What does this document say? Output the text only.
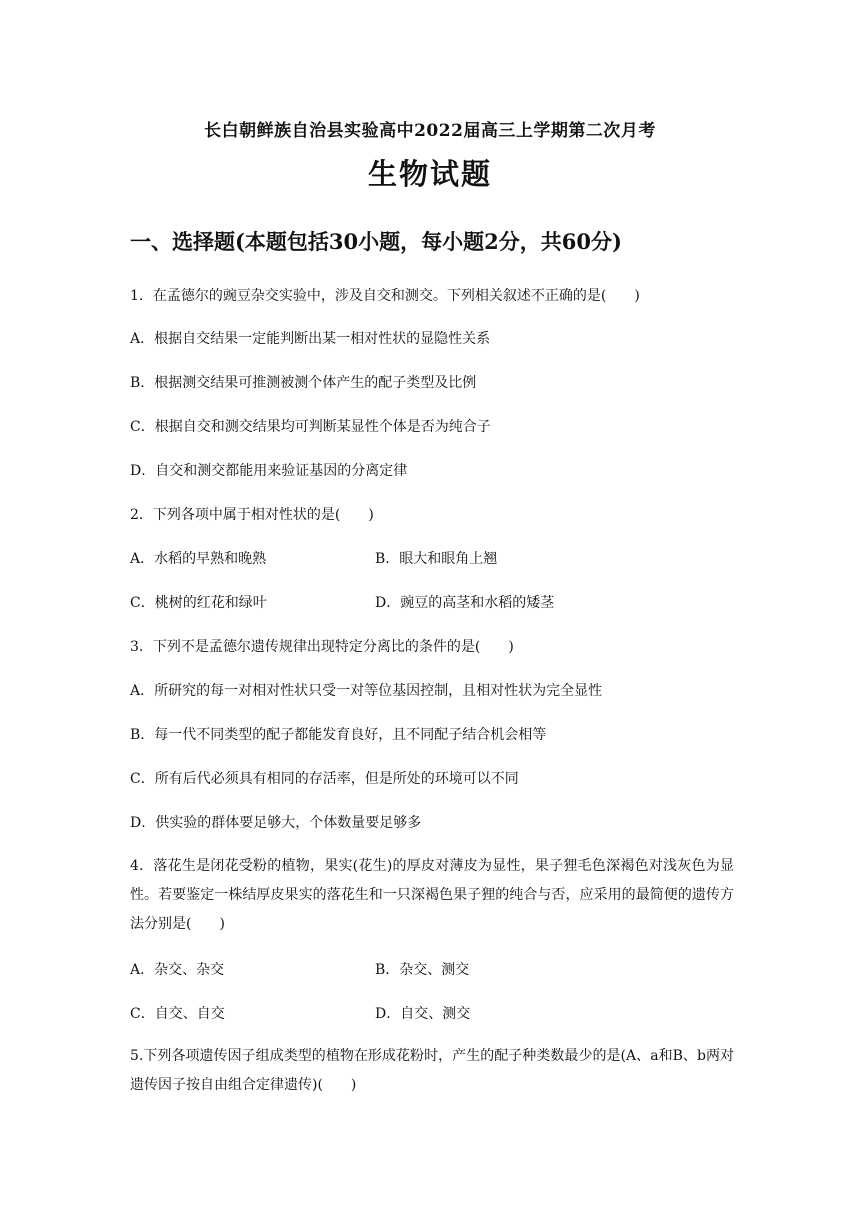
长白朝鲜族自治县实验高中2022届高三上学期第二次月考
生物试题
一、选择题(本题包括30小题，每小题2分，共60分)
1．在孟德尔的豌豆杂交实验中，涉及自交和测交。下列相关叙述不正确的是(　　)
A．根据自交结果一定能判断出某一相对性状的显隐性关系
B．根据测交结果可推测被测个体产生的配子类型及比例
C．根据自交和测交结果均可判断某显性个体是否为纯合子
D．自交和测交都能用来验证基因的分离定律
2．下列各项中属于相对性状的是(　　)
A．水稻的早熟和晚熟	B．眼大和眼角上翘
C．桃树的红花和绿叶	D．豌豆的高茎和水稻的矮茎
3．下列不是孟德尔遗传规律出现特定分离比的条件的是(　　)
A．所研究的每一对相对性状只受一对等位基因控制，且相对性状为完全显性
B．每一代不同类型的配子都能发育良好，且不同配子结合机会相等
C．所有后代必须具有相同的存活率，但是所处的环境可以不同
D．供实验的群体要足够大，个体数量要足够多
4．落花生是闭花受粉的植物，果实(花生)的厚皮对薄皮为显性，果子狸毛色深褐色对浅灰色为显性。若要鉴定一株结厚皮果实的落花生和一只深褐色果子狸的纯合与否，应采用的最简便的遗传方法分别是(　　)
A．杂交、杂交	B．杂交、测交
C．自交、自交	D．自交、测交
5.下列各项遗传因子组成类型的植物在形成花粉时，产生的配子种类数最少的是(A、a和B、b两对遗传因子按自由组合定律遗传)(　　)
